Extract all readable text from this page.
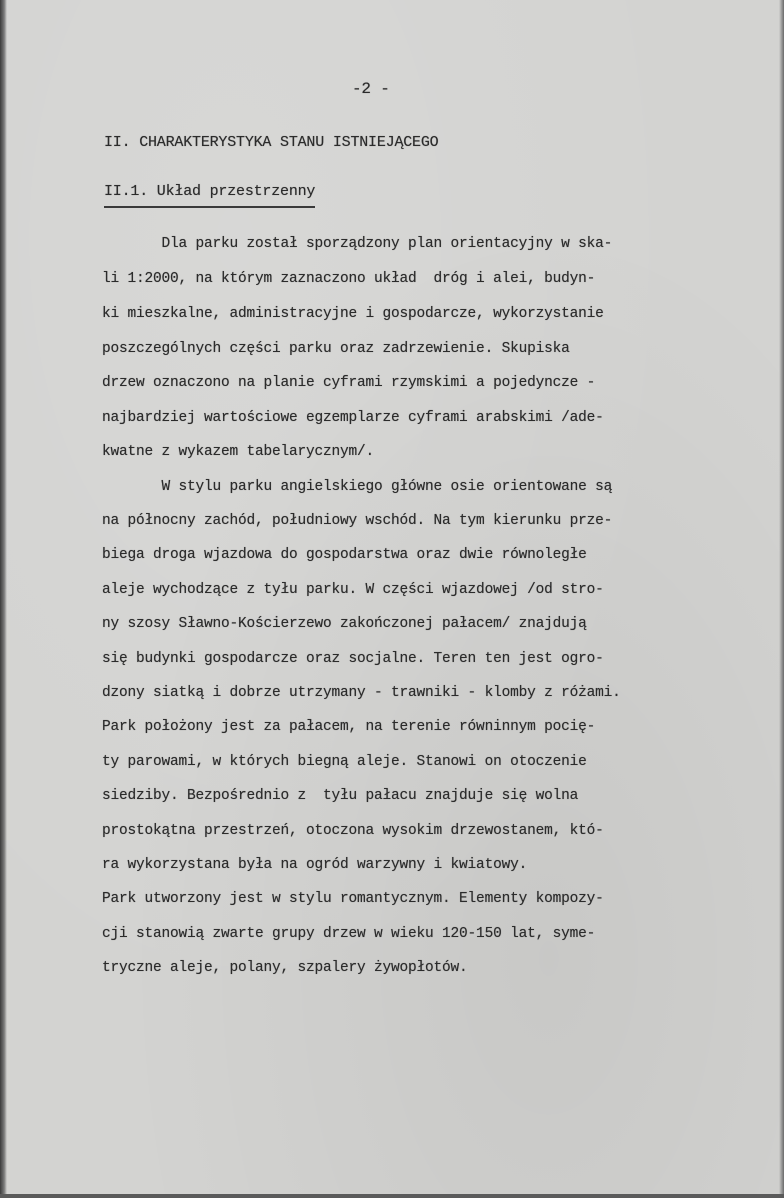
-2 -
II. CHARAKTERYSTYKA STANU ISTNIEJĄCEGO
II.1. Układ przestrzenny
Dla parku został sporządzony plan orientacyjny w ska-
li 1:2000, na którym zaznaczono układ  dróg i alei, budyn-
ki mieszkalne, administracyjne i gospodarcze, wykorzystanie
poszczególnych części parku oraz zadrzewienie. Skupiska
drzew oznaczono na planie cyframi rzymskimi a pojedyncze -
najbardziej wartościowe egzemplarze cyframi arabskimi /ade-
kwatne z wykazem tabelarycznym/.
W stylu parku angielskiego główne osie orientowane są
na północny zachód, południowy wschód. Na tym kierunku prze-
biega droga wjazdowa do gospodarstwa oraz dwie równoległe
aleje wychodzące z tyłu parku. W części wjazdowej /od stro-
ny szosy Sławno-Kościerzewo zakończonej pałacem/ znajdują
się budynki gospodarcze oraz socjalne. Teren ten jest ogro-
dzony siatką i dobrze utrzymany - trawniki - klomby z różami.
Park położony jest za pałacem, na terenie równinnym pocię-
ty parowami, w których biegną aleje. Stanowi on otoczenie
siedziby. Bezpośrednio z  tyłu pałacu znajduje się wolna
prostokątna przestrzeń, otoczona wysokim drzewostanem, któ-
ra wykorzystana była na ogród warzywny i kwiatowy.
Park utworzony jest w stylu romantycznym. Elementy kompozy-
cji stanowią zwarte grupy drzew w wieku 120-150 lat, syme-
tryczne aleje, polany, szpalery żywopłotów.
